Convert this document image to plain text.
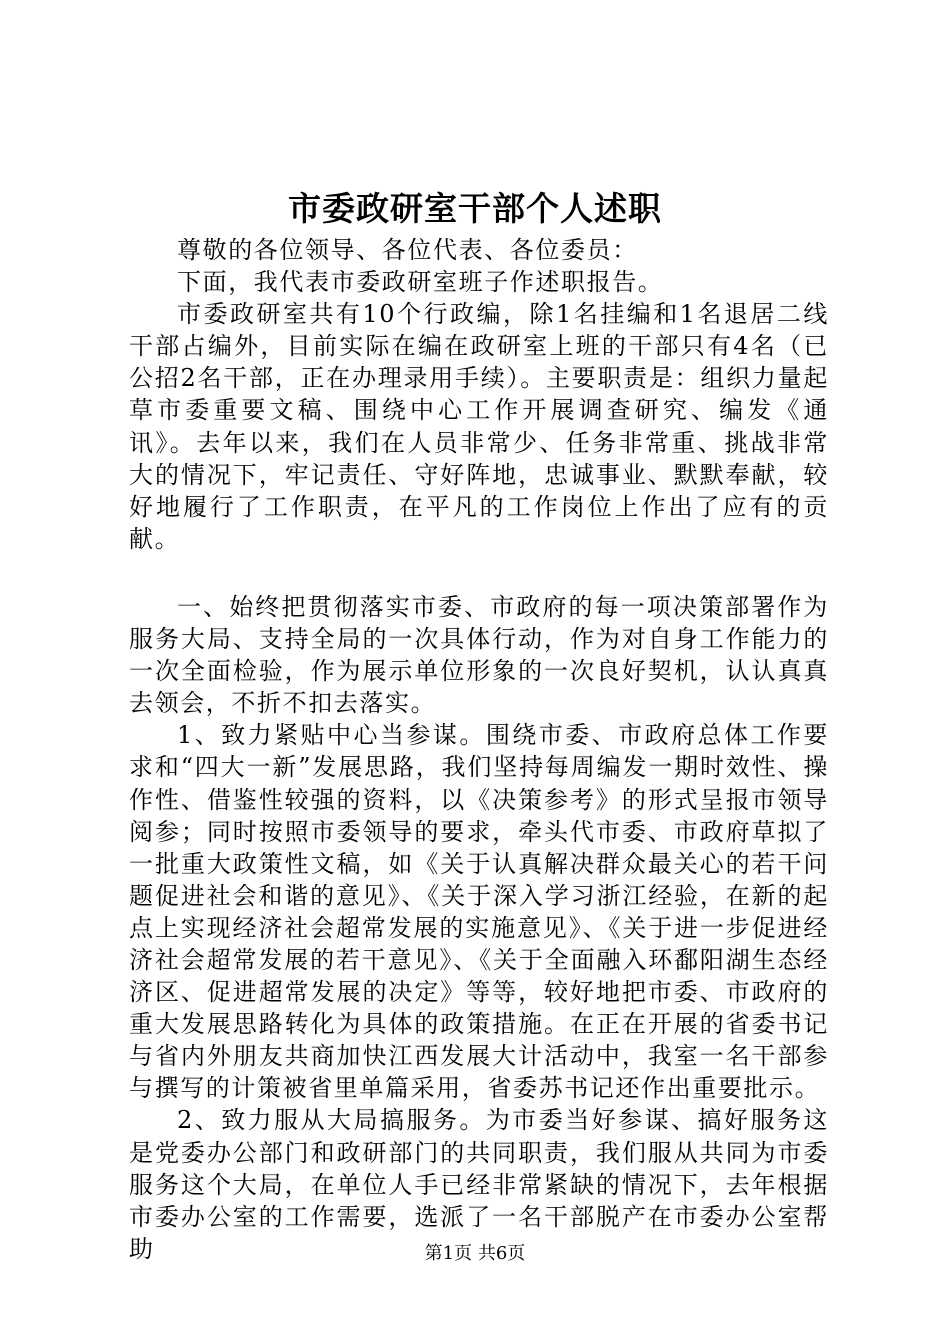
市委政研室干部个人述职

尊敬的各位领导、各位代表、各位委员：

下面，我代表市委政研室班子作述职报告。

市委政研室共有10个行政编，除1名挂编和1名退居二线干部占编外，目前实际在编在政研室上班的干部只有4名（已公招2名干部，正在办理录用手续）。主要职责是：组织力量起草市委重要文稿、围绕中心工作开展调查研究、编发《通讯》。去年以来，我们在人员非常少、任务非常重、挑战非常大的情况下，牢记责任、守好阵地，忠诚事业、默默奉献，较好地履行了工作职责，在平凡的工作岗位上作出了应有的贡献。

一、始终把贯彻落实市委、市政府的每一项决策部署作为服务大局、支持全局的一次具体行动，作为对自身工作能力的一次全面检验，作为展示单位形象的一次良好契机，认认真真去领会，不折不扣去落实。

1、致力紧贴中心当参谋。围绕市委、市政府总体工作要求和“四大一新”发展思路，我们坚持每周编发一期时效性、操作性、借鉴性较强的资料，以《决策参考》的形式呈报市领导阅参；同时按照市委领导的要求，牵头代市委、市政府草拟了一批重大政策性文稿，如《关于认真解决群众最关心的若干问题促进社会和谐的意见》、《关于深入学习浙江经验，在新的起点上实现经济社会超常发展的实施意见》、《关于进一步促进经济社会超常发展的若干意见》、《关于全面融入环鄱阳湖生态经济区、促进超常发展的决定》等等，较好地把市委、市政府的重大发展思路转化为具体的政策措施。在正在开展的省委书记与省内外朋友共商加快江西发展大计活动中，我室一名干部参与撰写的计策被省里单篇采用，省委苏书记还作出重要批示。

2、致力服从大局搞服务。为市委当好参谋、搞好服务这是党委办公部门和政研部门的共同职责，我们服从共同为市委服务这个大局，在单位人手已经非常紧缺的情况下，去年根据市委办公室的工作需要，选派了一名干部脱产在市委办公室帮助	第1页 共6页
